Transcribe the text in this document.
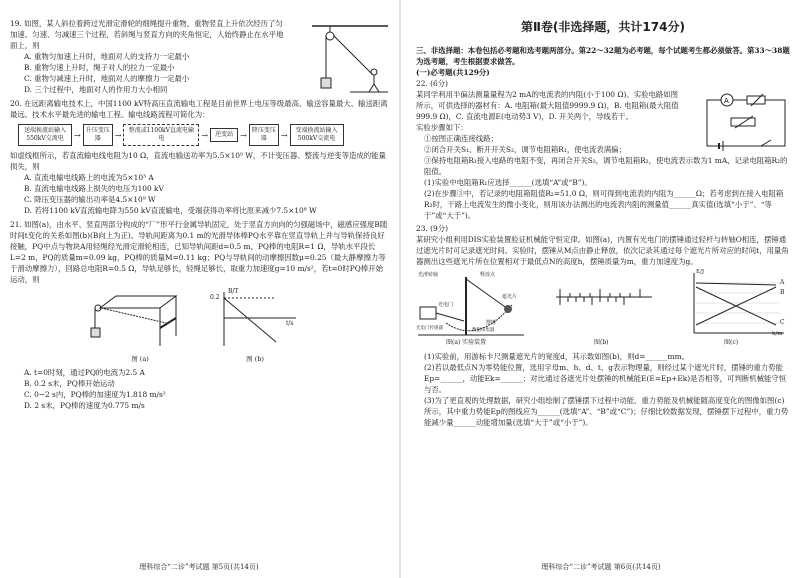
19. 如图，某人斜拉着跨过光滑定滑轮的细绳提升重物，重物竖直上升依次经历了匀加速、匀速、匀减速三个过程，若斜绳与竖直方向的夹角恒定，人始终静止在水平地面上，则

A. 重物匀加速上升时，地面对人的支持力一定最小

B. 重物匀速上升时，绳子对人的拉力一定最小

C. 重物匀减速上升时，地面对人的摩擦力一定最小

D. 三个过程中，地面对人的作用力大小相同

20. 在远距离输电技术上，中国1100 kV特高压直流输电工程是目前世界上电压等级最高、输送容量最大、输送距离最远、技术水平最先进的输电工程。输电线路流程可简化为：

送端换流站输入550kV交流电	→ 升压变压器	→	整流或1100kV直流电输电	→	逆变站 → 降压变压器	→	变端换流站输入500kV交流电

如虚线框所示，若直流输电线电阻为10 Ω，直流电输送功率为5.5×10⁹ W，不计变压器、整流与逆变等造成的能量损失，则

A. 直流电输电线路上的电流为5×10³ A

B. 直流电输电线路上损失的电压为100 kV

C. 降压变压器的输出功率是4.5×10⁹ W

D. 若将1100 kV直流输电降为550 kV直流输电，受端获得功率将比原来减少7.5×10⁸ W

21. 如图(a)，由水平、竖直两部分构成的“厂”形平行金属导轨固定，处于竖直方向向的匀强磁场中，磁感应强度B随时间t变化的关系如图(b)(B向上为正)。导轨间距离为0.1 m的光滑导体棒PQ水平靠在竖直导轨上并与导轨保持良好接触，PQ中点与物块A用轻绳经光滑定滑轮相连，已知导轨间距d=0.5 m，PQ棒的电阻R=1 Ω，导轨水平段长L=2 m，PQ的质量m=0.09 kg，PQ棒的质量M=0.11 kg；PQ与导轨间的动摩擦因数μ=0.25（最大静摩擦力等于滑动摩擦力），回路总电阻R=0.5 Ω，导轨足够长，轻绳足够长，取重力加速度g=10 m/s²，若t=0时PQ棒开始运动，则

图 (a)

B/T
t/s
0.2

图 (b)

A. t=0时刻，通过PQ的电流为2.5 A

B. 0.2 s末，PQ棒开始运动

C. 0~2 s内，PQ棒的加速度为1.818 m/s²

D. 2 s末，PQ棒的速度为0.775 m/s

理科综合“二诊”考试题 第5页(共14页)

第Ⅱ卷(非选择题，共计174分)

三、非选择题：本卷包括必考题和选考题两部分。第22～32题为必考题，每个试题考生都必须做答。第33～38题为选考题，考生根据要求做答。

(一)必考题(共129分)

22. (6分)

某同学利用半偏法测量量程为2 mA的电流表的内阻(小于100 Ω)。实验电路如图所示，可供选择的器材有：A. 电阻箱(最大阻值9999.9 Ω)，B. 电阻箱(最大阻值999.9 Ω)，C. 直流电源E(电动势3 V)，D. 开关两个，导线若干。

实验步骤如下：

①按图正确连接线路；

②闭合开关S₁、断开开关S₂，调节电阻箱R₁，使电流表满偏；

③保持电阻箱R₁接入电路的电阻不变，再闭合开关S₂，调节电阻箱R₂，使电流表示数为1 mA，记录电阻箱R₂的阻值。

(1)实验中电阻箱R₁应选择______(选填“A”或“B”)。

(2)在步骤③中，若记录的电阻箱阻值R₂=51.0 Ω，则可得到电流表的内阻为______Ω；若考虑到在接入电阻箱R₂时，干路上电流发生的微小变化，则用该办法测出的电流表内阻的测量值______真实值(选填“小于”、“等于”或“大于”)。

A

23. (9分)

某研究小组利用DIS实验装置验证机械能守恒定律。如图(a)，内置有光电门的摆锤通过轻杆与转轴O相连，摆锤通过遮光片时可记录遮光时间。实验时，摆锤从M点由静止释放，依次记录其通过每个遮光片所对应的时间t，用量角器测出这些遮光片所在位置相对于最低点N的高度h，摆锤质量为m，重力加速度为g。

光滑转轴	释放点
遮光片
摆锤
光电门
光电门传感器	数据采集器

图(a) 实验装置	图(b)

E/J
h/m
A
B
C

图(c)

(1)实验前，用游标卡尺测量遮光片的宽度d，其示数如图(b)，则d=______mm。

(2)若以最低点N为零势能位置，选用字母m、h、d、t、g表示物理量，则经过某个遮光片时，摆锤的重力势能Ep=______，动能Ek=______；对比通过各遮光片处摆锤的机械能E(E=Ep+Ek)是否相等，可判断机械能守恒与否。

(3)为了更直观的处理数据，研究小组绘制了摆锤摆下过程中动能、重力势能及机械能随高度变化的图像如图(c)所示，其中重力势能Ep的图线应为______(选填“A”、“B”或“C”)；仔细比较数据发现，摆锤摆下过程中，重力势能减少量______动能增加量(选填“大于”或“小于”)。

理科综合“二诊”考试题 第6页(共14页)
